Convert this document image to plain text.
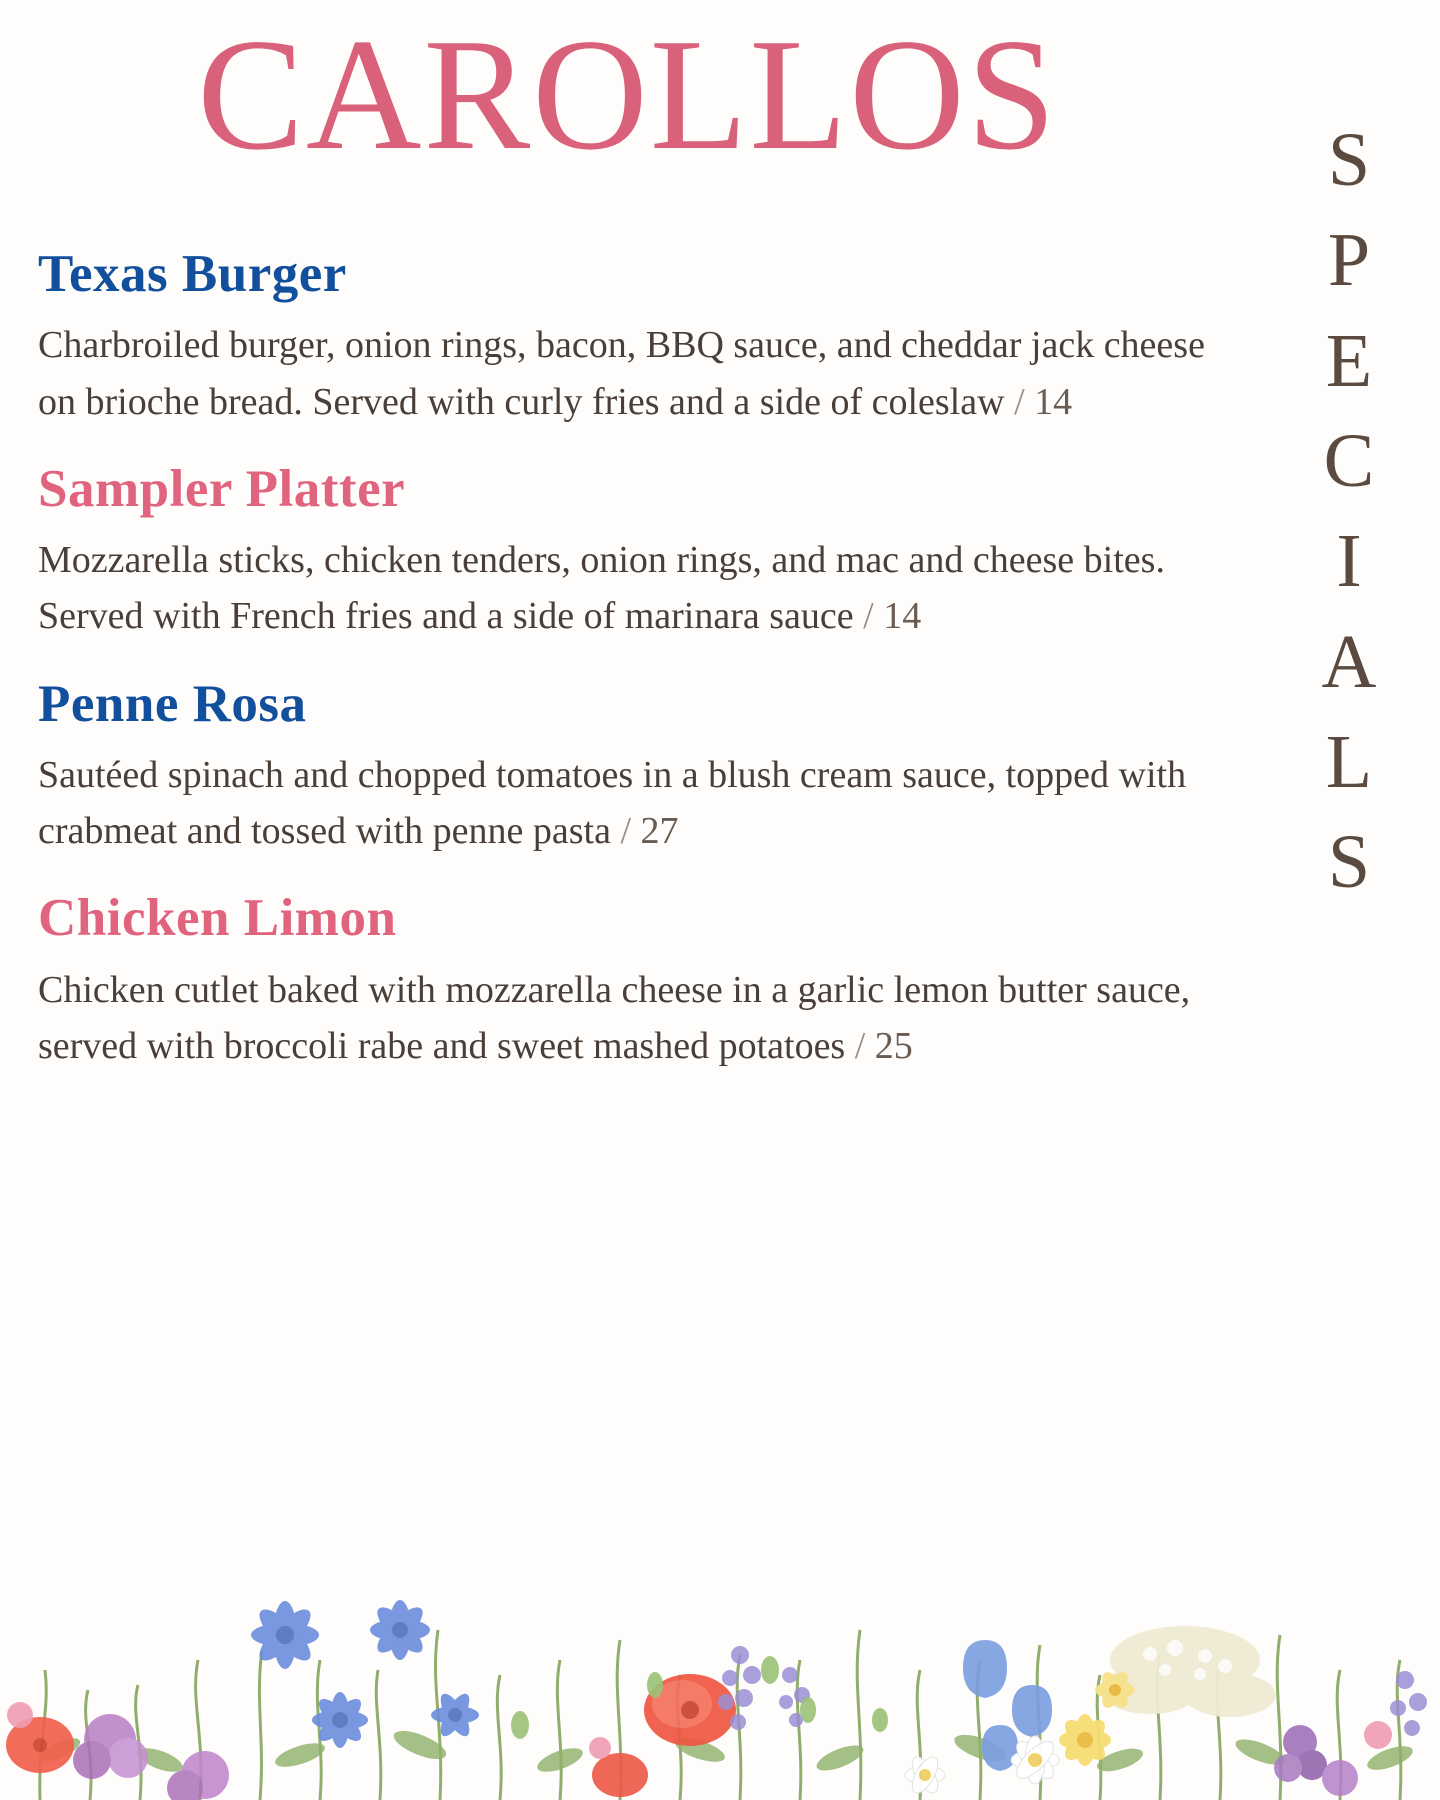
CAROLLOS	S
P
E
C
I
A
L
S
Texas Burger

Charbroiled burger, onion rings, bacon, BBQ sauce, and cheddar jack cheese on brioche bread. Served with curly fries and a side of coleslaw / 14

Sampler Platter

Mozzarella sticks, chicken tenders, onion rings, and mac and cheese bites. Served with French fries and a side of marinara sauce / 14

Penne Rosa

Sautéed spinach and chopped tomatoes in a blush cream sauce, topped with crabmeat and tossed with penne pasta / 27

Chicken Limon

Chicken cutlet baked with mozzarella cheese in a garlic lemon butter sauce, served with broccoli rabe and sweet mashed potatoes / 25
